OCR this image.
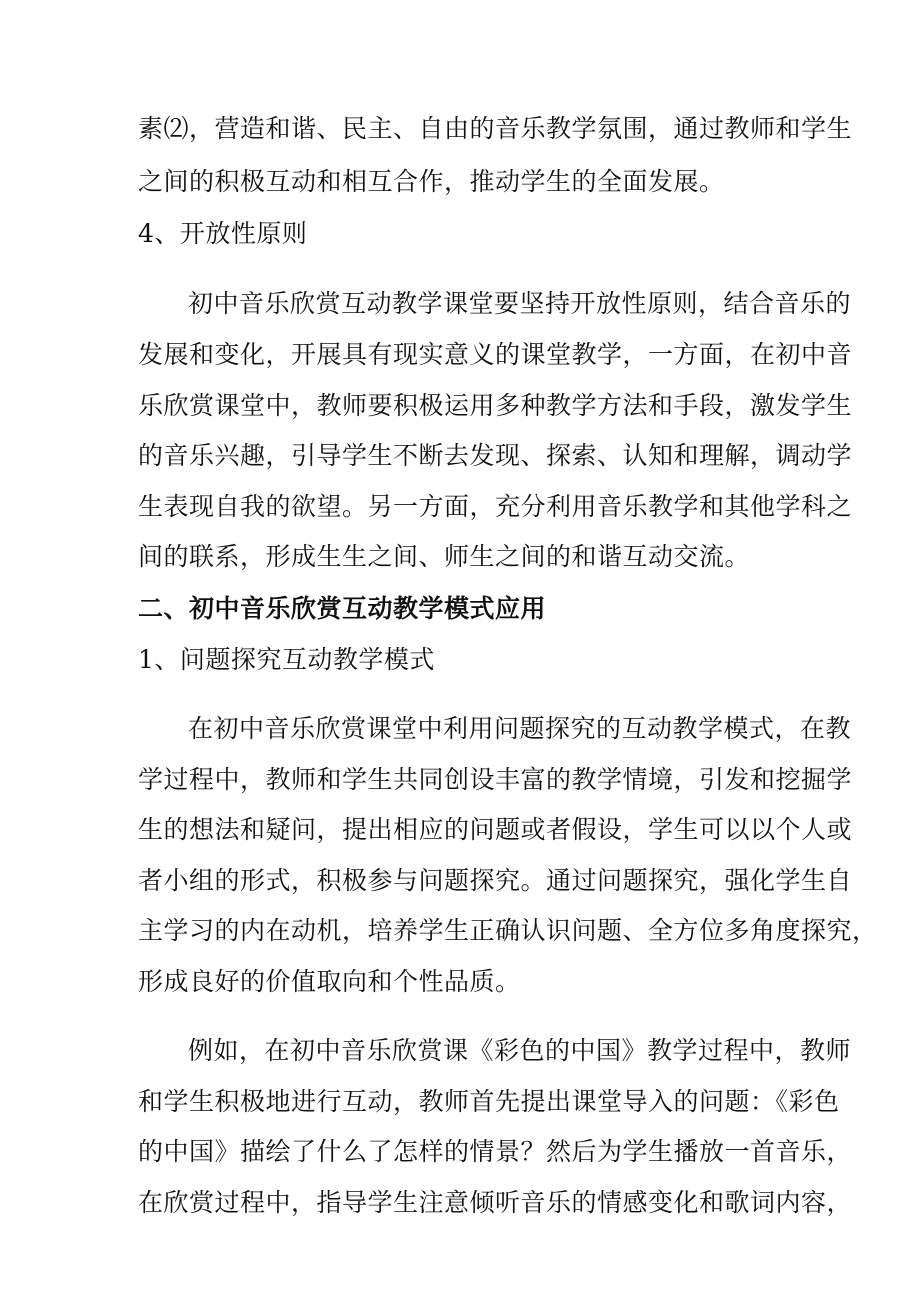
素⑵，营造和谐、民主、自由的音乐教学氛围，通过教师和学生
之间的积极互动和相互合作，推动学生的全面发展。
4、开放性原则
初中音乐欣赏互动教学课堂要坚持开放性原则，结合音乐的
发展和变化，开展具有现实意义的课堂教学，一方面，在初中音
乐欣赏课堂中，教师要积极运用多种教学方法和手段，激发学生
的音乐兴趣，引导学生不断去发现、探索、认知和理解，调动学
生表现自我的欲望。另一方面，充分利用音乐教学和其他学科之
间的联系，形成生生之间、师生之间的和谐互动交流。
二、初中音乐欣赏互动教学模式应用
1、问题探究互动教学模式
在初中音乐欣赏课堂中利用问题探究的互动教学模式，在教
学过程中，教师和学生共同创设丰富的教学情境，引发和挖掘学
生的想法和疑问，提出相应的问题或者假设，学生可以以个人或
者小组的形式，积极参与问题探究。通过问题探究，强化学生自
主学习的内在动机，培养学生正确认识问题、全方位多角度探究，
形成良好的价值取向和个性品质。
例如，在初中音乐欣赏课《彩色的中国》教学过程中，教师
和学生积极地进行互动，教师首先提出课堂导入的问题：《彩色
的中国》描绘了什么了怎样的情景？然后为学生播放一首音乐，
在欣赏过程中，指导学生注意倾听音乐的情感变化和歌词内容，
